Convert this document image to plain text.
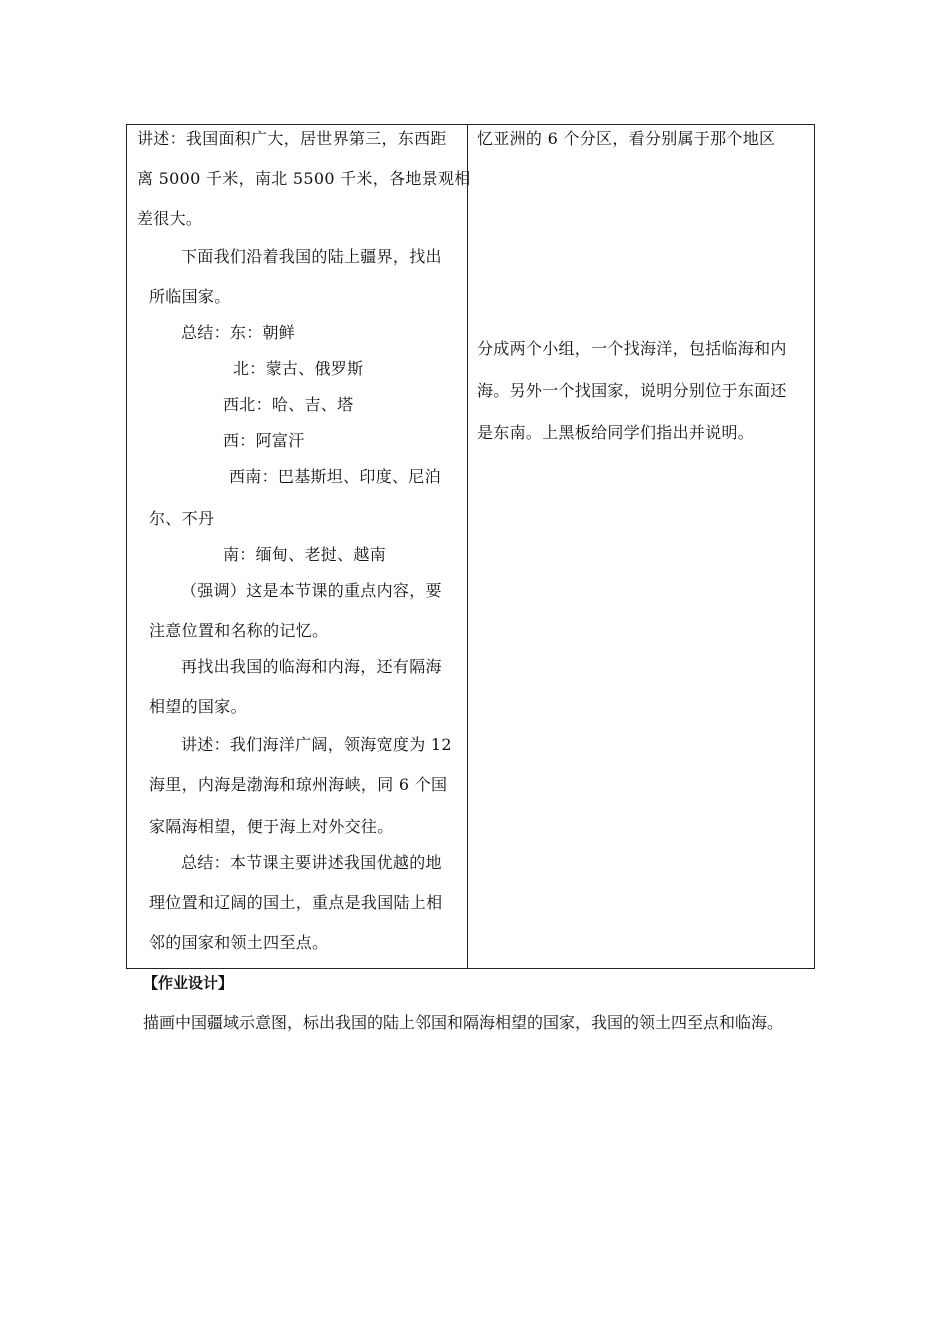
讲述：我国面积广大，居世界第三，东西距
离 5000 千米，南北 5500 千米，各地景观相
差很大。
下面我们沿着我国的陆上疆界，找出
所临国家。
总结：东：朝鲜
北：蒙古、俄罗斯
西北：哈、吉、塔
西：阿富汗
西南：巴基斯坦、印度、尼泊
尔、不丹
南：缅甸、老挝、越南
（强调）这是本节课的重点内容，要
注意位置和名称的记忆。
再找出我国的临海和内海，还有隔海
相望的国家。
讲述：我们海洋广阔，领海宽度为 12
海里，内海是渤海和琼州海峡，同 6 个国
家隔海相望，便于海上对外交往。
总结：本节课主要讲述我国优越的地
理位置和辽阔的国土，重点是我国陆上相
邻的国家和领土四至点。
忆亚洲的 6 个分区，看分别属于那个地区
分成两个小组，一个找海洋，包括临海和内
海。另外一个找国家，说明分别位于东面还
是东南。上黑板给同学们指出并说明。
【作业设计】
描画中国疆域示意图，标出我国的陆上邻国和隔海相望的国家，我国的领土四至点和临海。
